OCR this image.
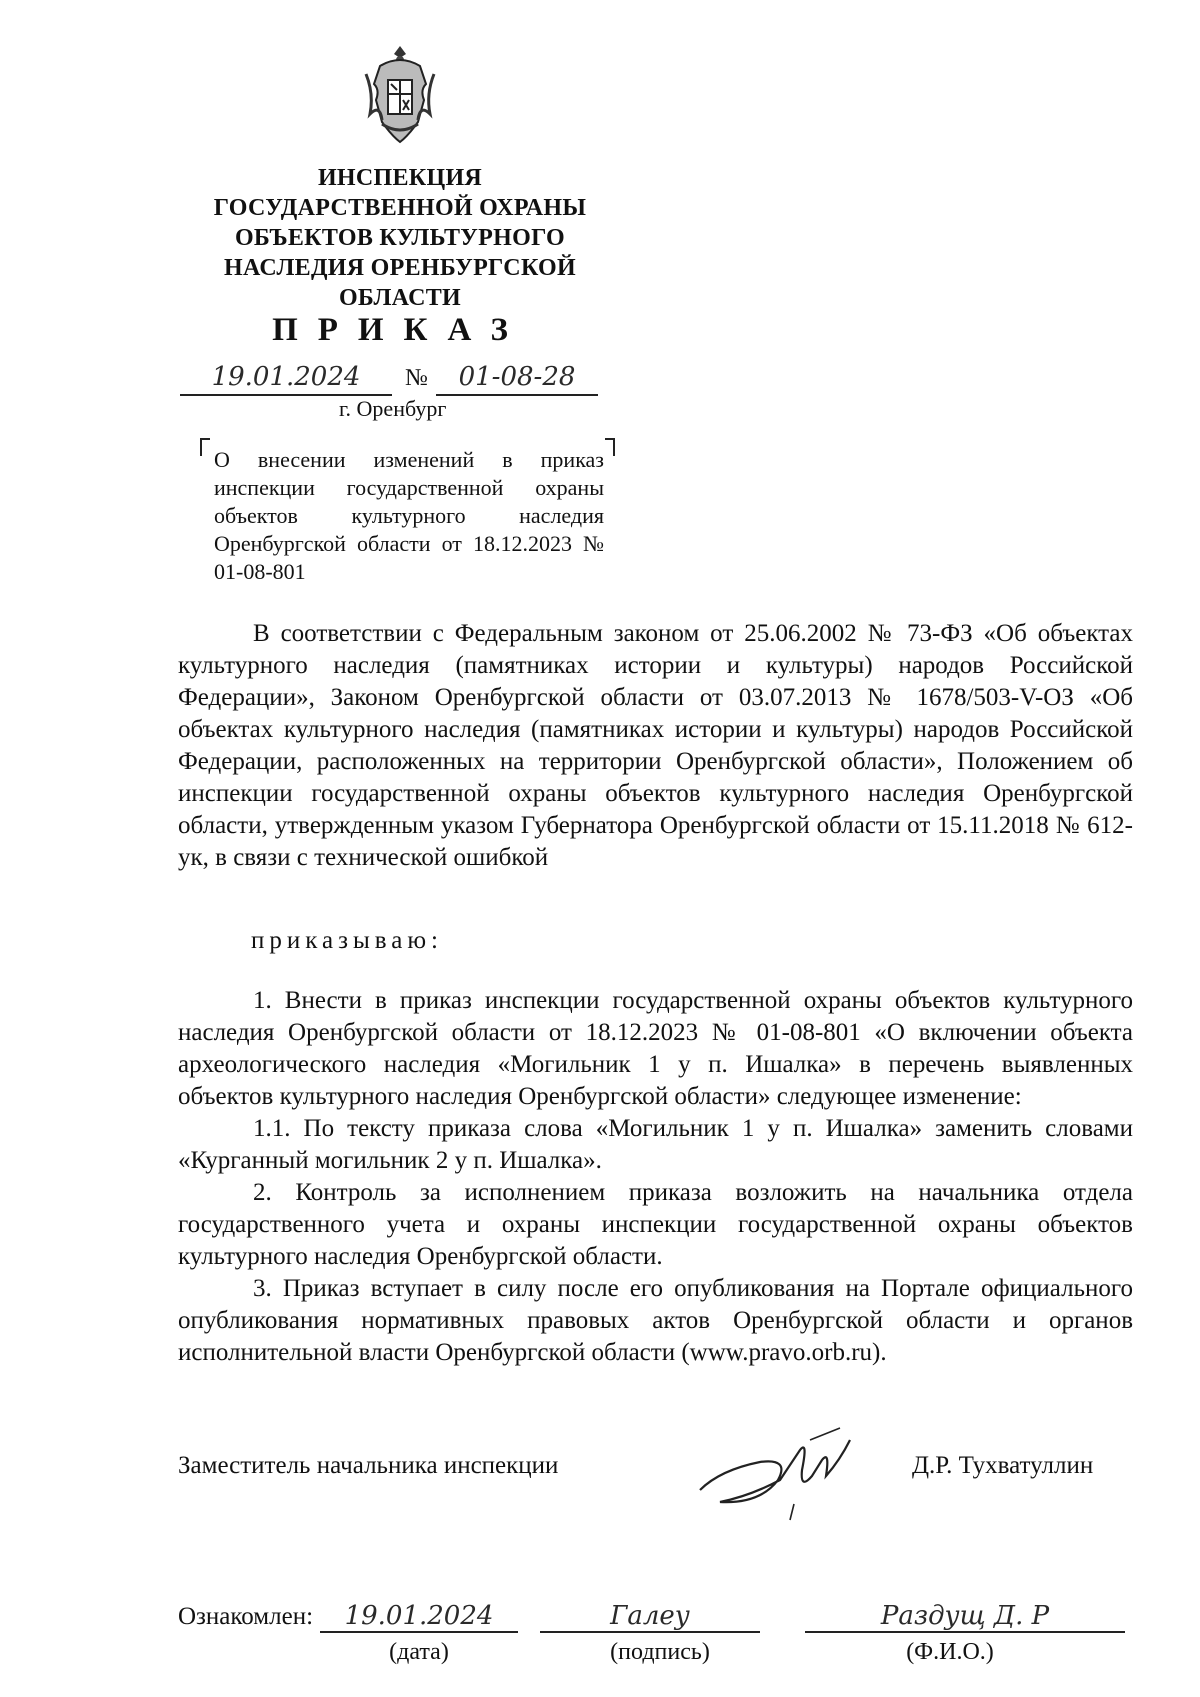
ИНСПЕКЦИЯ
ГОСУДАРСТВЕННОЙ ОХРАНЫ
ОБЪЕКТОВ КУЛЬТУРНОГО
НАСЛЕДИЯ ОРЕНБУРГСКОЙ
ОБЛАСТИ
ПРИКАЗ
19.01.2024	№	01-08-28
г. Оренбург

О внесении изменений в приказ инспекции государственной охраны объектов культурного наследия Оренбургской области от 18.12.2023 № 01-08-801

В соответствии с Федеральным законом от 25.06.2002 № 73-ФЗ «Об объектах культурного наследия (памятниках истории и культуры) народов Российской Федерации», Законом Оренбургской области от 03.07.2013 № 1678/503-V-ОЗ «Об объектах культурного наследия (памятниках истории и культуры) народов Российской Федерации, расположенных на территории Оренбургской области», Положением об инспекции государственной охраны объектов культурного наследия Оренбургской области, утвержденным указом Губернатора Оренбургской области от 15.11.2018 № 612-ук, в связи с технической ошибкой

приказываю:

1. Внести в приказ инспекции государственной охраны объектов культурного наследия Оренбургской области от 18.12.2023 № 01-08-801 «О включении объекта археологического наследия «Могильник 1 у п. Ишалка» в перечень выявленных объектов культурного наследия Оренбургской области» следующее изменение:

1.1. По тексту приказа слова «Могильник 1 у п. Ишалка» заменить словами «Курганный могильник 2 у п. Ишалка».

2. Контроль за исполнением приказа возложить на начальника отдела государственного учета и охраны инспекции государственной охраны объектов культурного наследия Оренбургской области.

3. Приказ вступает в силу после его опубликования на Портале официального опубликования нормативных правовых актов Оренбургской области и органов исполнительной власти Оренбургской области (www.pravo.orb.ru).

Заместитель начальника инспекции	Д.Р. Тухватуллин
Ознакомлен:	19.01.2024	Галеу	Раздущ Д. Р
(дата)	(подпись)	(Ф.И.О.)
